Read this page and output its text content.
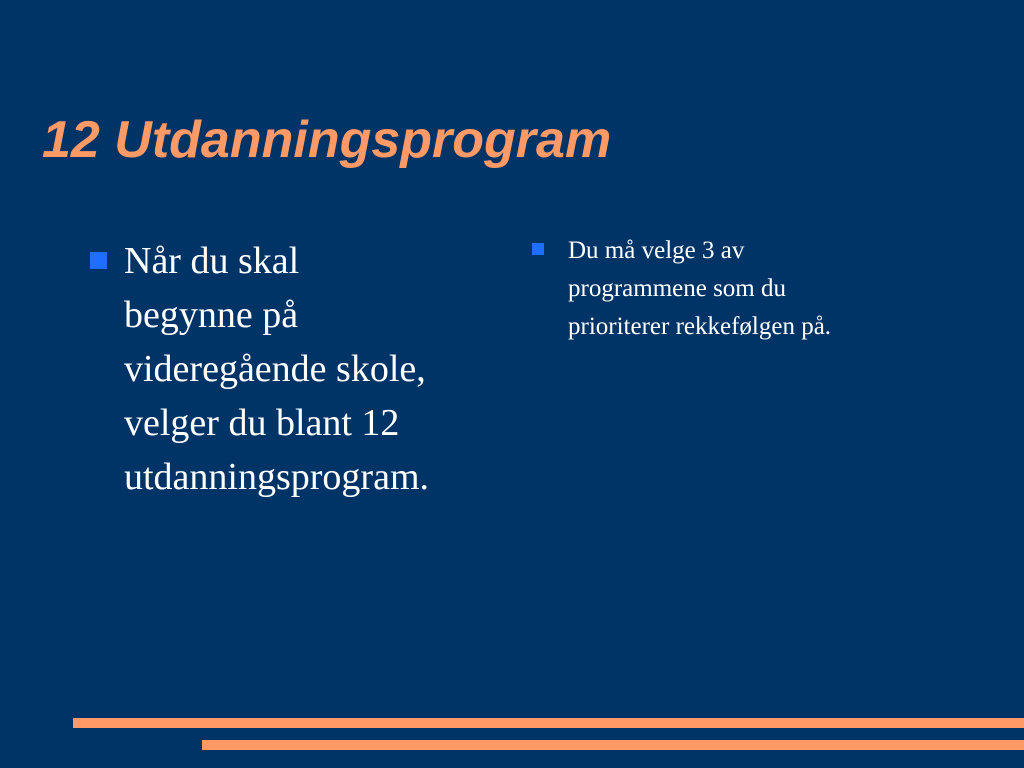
12 Utdanningsprogram
Når du skal
begynne på
videregående skole,
velger du blant 12
utdanningsprogram.
Du må velge 3 av
programmene som du
prioriterer rekkefølgen på.
